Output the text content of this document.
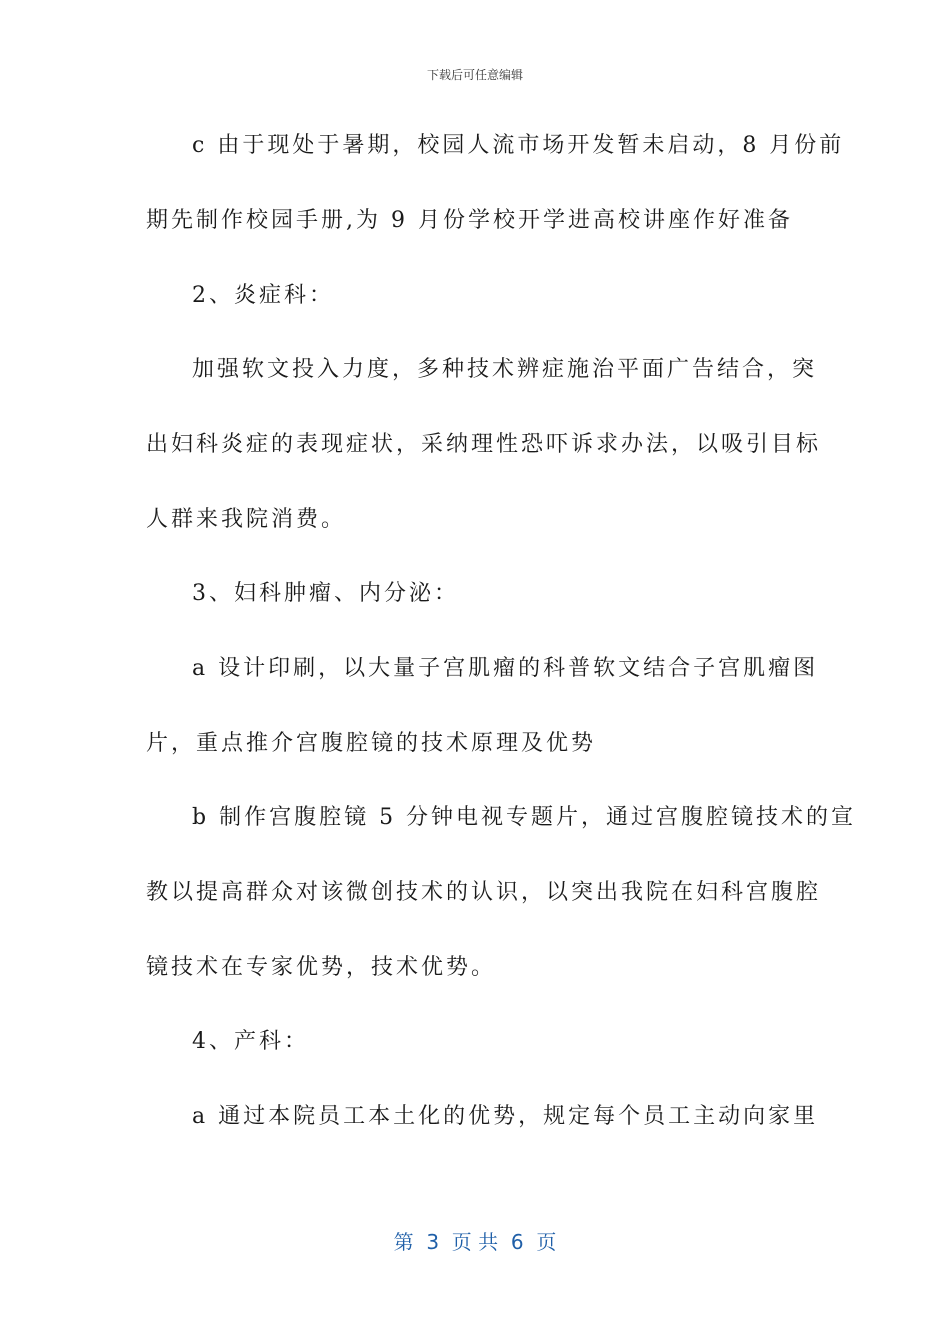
下载后可任意编辑
c 由于现处于暑期，校园人流市场开发暂未启动，8 月份前
期先制作校园手册,为 9 月份学校开学进高校讲座作好准备
2、炎症科：
加强软文投入力度，多种技术辨症施治平面广告结合，突
出妇科炎症的表现症状，采纳理性恐吓诉求办法，以吸引目标
人群来我院消费。
3、妇科肿瘤、内分泌：
a 设计印刷，以大量子宫肌瘤的科普软文结合子宫肌瘤图
片，重点推介宫腹腔镜的技术原理及优势
b 制作宫腹腔镜 5 分钟电视专题片，通过宫腹腔镜技术的宣
教以提高群众对该微创技术的认识，以突出我院在妇科宫腹腔
镜技术在专家优势，技术优势。
4、产科：
a 通过本院员工本土化的优势，规定每个员工主动向家里
第  3  页 共  6  页
